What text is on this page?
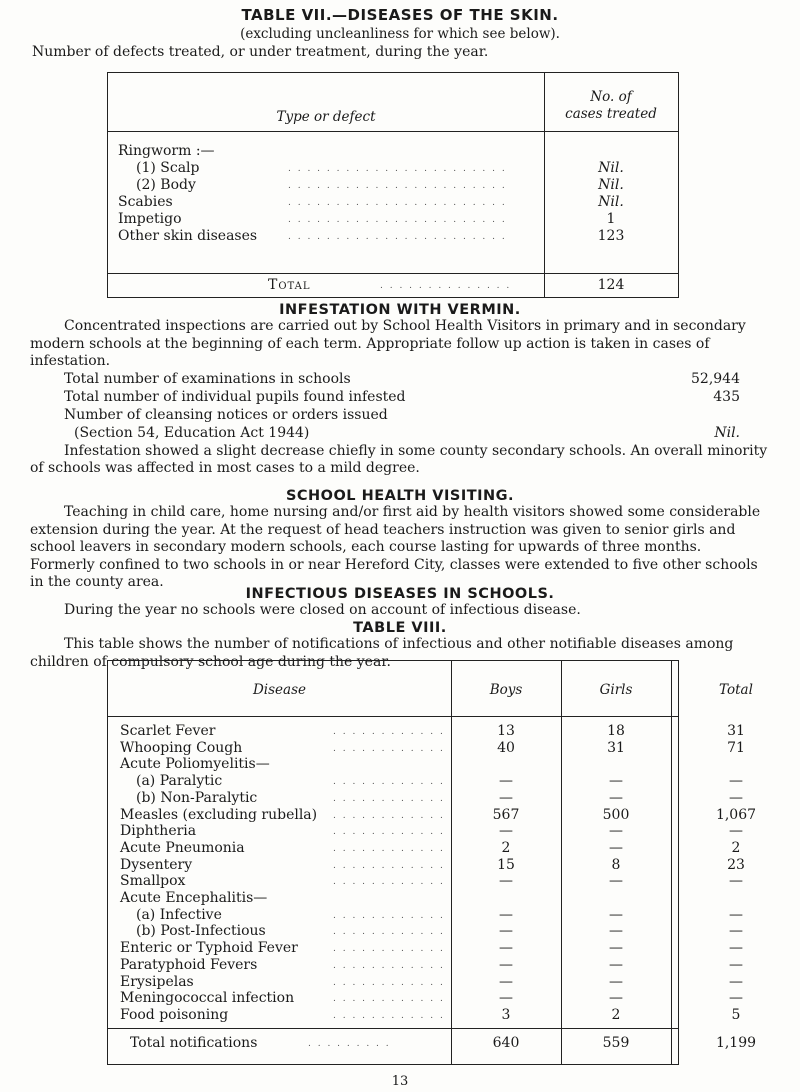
TABLE VII.—DISEASES OF THE SKIN.
(excluding uncleanliness for which see below).

Number of defects treated, or under treatment, during the year.

Type or defect
No. of
cases treated
Ringworm :—
(1) Scalp	. . . . . . . . . . . . . . . . . . . . . . .	Nil.
(2) Body	. . . . . . . . . . . . . . . . . . . . . . .	Nil.
Scabies	. . . . . . . . . . . . . . . . . . . . . . .	Nil.
Impetigo	. . . . . . . . . . . . . . . . . . . . . . .	1
Other skin diseases	. . . . . . . . . . . . . . . . . . . . . . .	123
Total	. . . . . . . . . . . . . .	124
INFESTATION WITH VERMIN.

Concentrated inspections are carried out by School Health Visitors in primary and in secondary modern schools at the beginning of each term. Appropriate follow up action is taken in cases of infestation.

Total number of examinations in schools	52,944
Total number of individual pupils found infested	435
Number of cleansing notices or orders issued
(Section 54, Education Act 1944)	Nil.

Infestation showed a slight decrease chiefly in some county secondary schools. An overall minority of schools was affected in most cases to a mild degree.

SCHOOL HEALTH VISITING.

Teaching in child care, home nursing and/or first aid by health visitors showed some considerable extension during the year. At the request of head teachers instruction was given to senior girls and school leavers in secondary modern schools, each course lasting for upwards of three months. Formerly confined to two schools in or near Hereford City, classes were extended to five other schools in the county area.

INFECTIOUS DISEASES IN SCHOOLS.

During the year no schools were closed on account of infectious disease.

TABLE VIII.

This table shows the number of notifications of infectious and other notifiable diseases among children of compulsory school age during the year.

Disease	Boys	Girls	Total
Scarlet Fever	. . . . . . . . . . . .	13	18	31
Whooping Cough	. . . . . . . . . . . .	40	31	71
Acute Poliomyelitis—
(a) Paralytic	. . . . . . . . . . . .	—	—	—
(b) Non-Paralytic	. . . . . . . . . . . .	—	—	—
Measles (excluding rubella) . . . . . . . . . . . .	567	500	1,067
Diphtheria	. . . . . . . . . . . .	—	—	—
Acute Pneumonia	. . . . . . . . . . . .	2	—	2
Dysentery	. . . . . . . . . . . .	15	8	23
Smallpox	. . . . . . . . . . . .	—	—	—
Acute Encephalitis—
(a) Infective	. . . . . . . . . . . .	—	—	—
(b) Post-Infectious	. . . . . . . . . . . .	—	—	—
Enteric or Typhoid Fever	. . . . . . . . . . . .	—	—	—
Paratyphoid Fevers	. . . . . . . . . . . .	—	—	—
Erysipelas	. . . . . . . . . . . .	—	—	—
Meningococcal infection	. . . . . . . . . . . .	—	—	—
Food poisoning	. . . . . . . . . . . .	3	2	5
Total notifications	. . . . . . . . .	640	559	1,199
13
